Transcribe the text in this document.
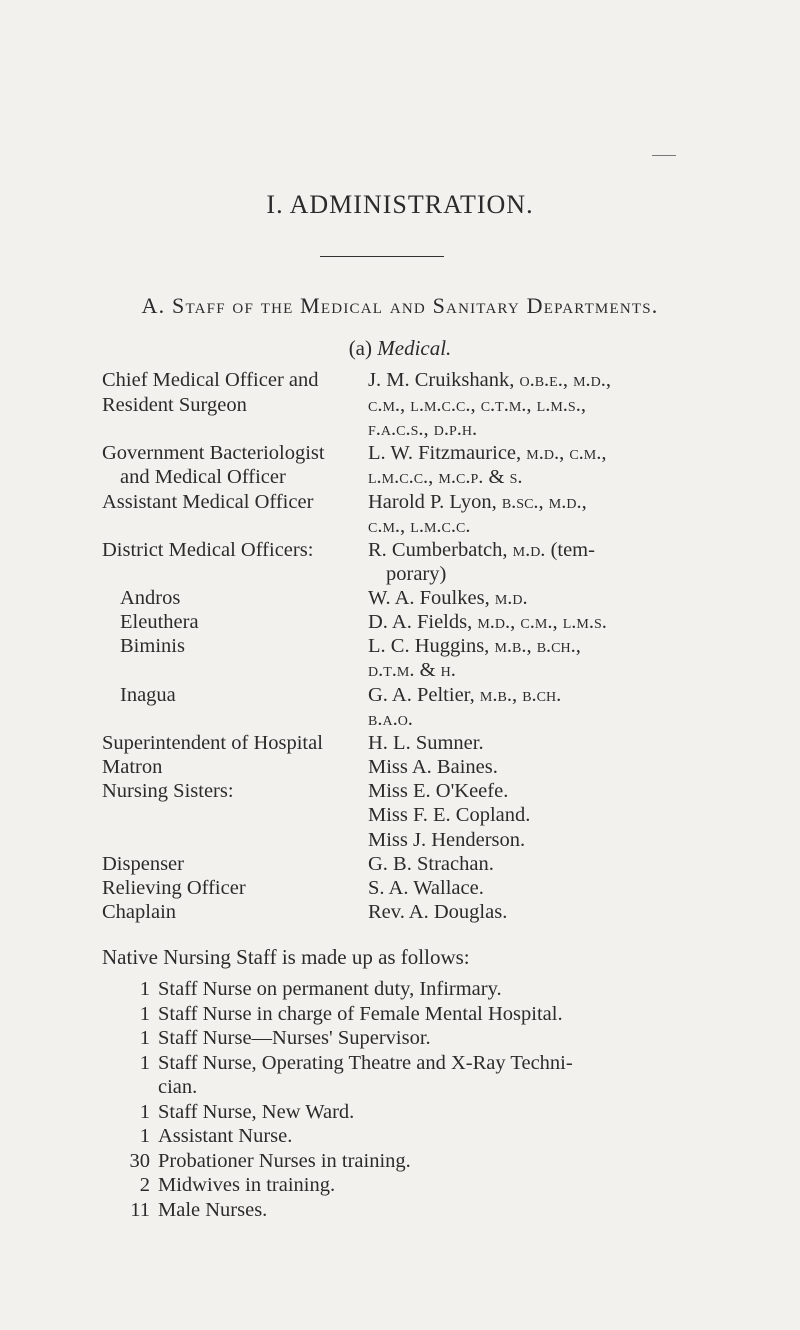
I. ADMINISTRATION.
A. Staff of the Medical and Sanitary Departments.
(a) Medical.
Chief Medical Officer and
Resident Surgeon
Government Bacteriologist
and Medical Officer
Assistant Medical Officer
District Medical Officers:
Andros
Eleuthera
Biminis
Inagua
Superintendent of Hospital
Matron
Nursing Sisters:
Dispenser
Relieving Officer
Chaplain
J. M. Cruikshank, o.b.e., m.d.,
c.m., l.m.c.c., c.t.m., l.m.s.,
f.a.c.s., d.p.h.
L. W. Fitzmaurice, m.d., c.m.,
l.m.c.c., m.c.p. & s.
Harold P. Lyon, b.sc., m.d.,
c.m., l.m.c.c.
R. Cumberbatch, m.d. (tem-
porary)
W. A. Foulkes, m.d.
D. A. Fields, m.d., c.m., l.m.s.
L. C. Huggins, m.b., b.ch.,
d.t.m. & h.
G. A. Peltier, m.b., b.ch.
b.a.o.
H. L. Sumner.
Miss A. Baines.
Miss E. O'Keefe.
Miss F. E. Copland.
Miss J. Henderson.
G. B. Strachan.
S. A. Wallace.
Rev. A. Douglas.
Native Nursing Staff is made up as follows:
1 Staff Nurse on permanent duty, Infirmary.
1 Staff Nurse in charge of Female Mental Hospital.
1 Staff Nurse—Nurses' Supervisor.
1 Staff Nurse, Operating Theatre and X-Ray Techni-
cian.
1 Staff Nurse, New Ward.
1 Assistant Nurse.
30 Probationer Nurses in training.
2 Midwives in training.
11 Male Nurses.
